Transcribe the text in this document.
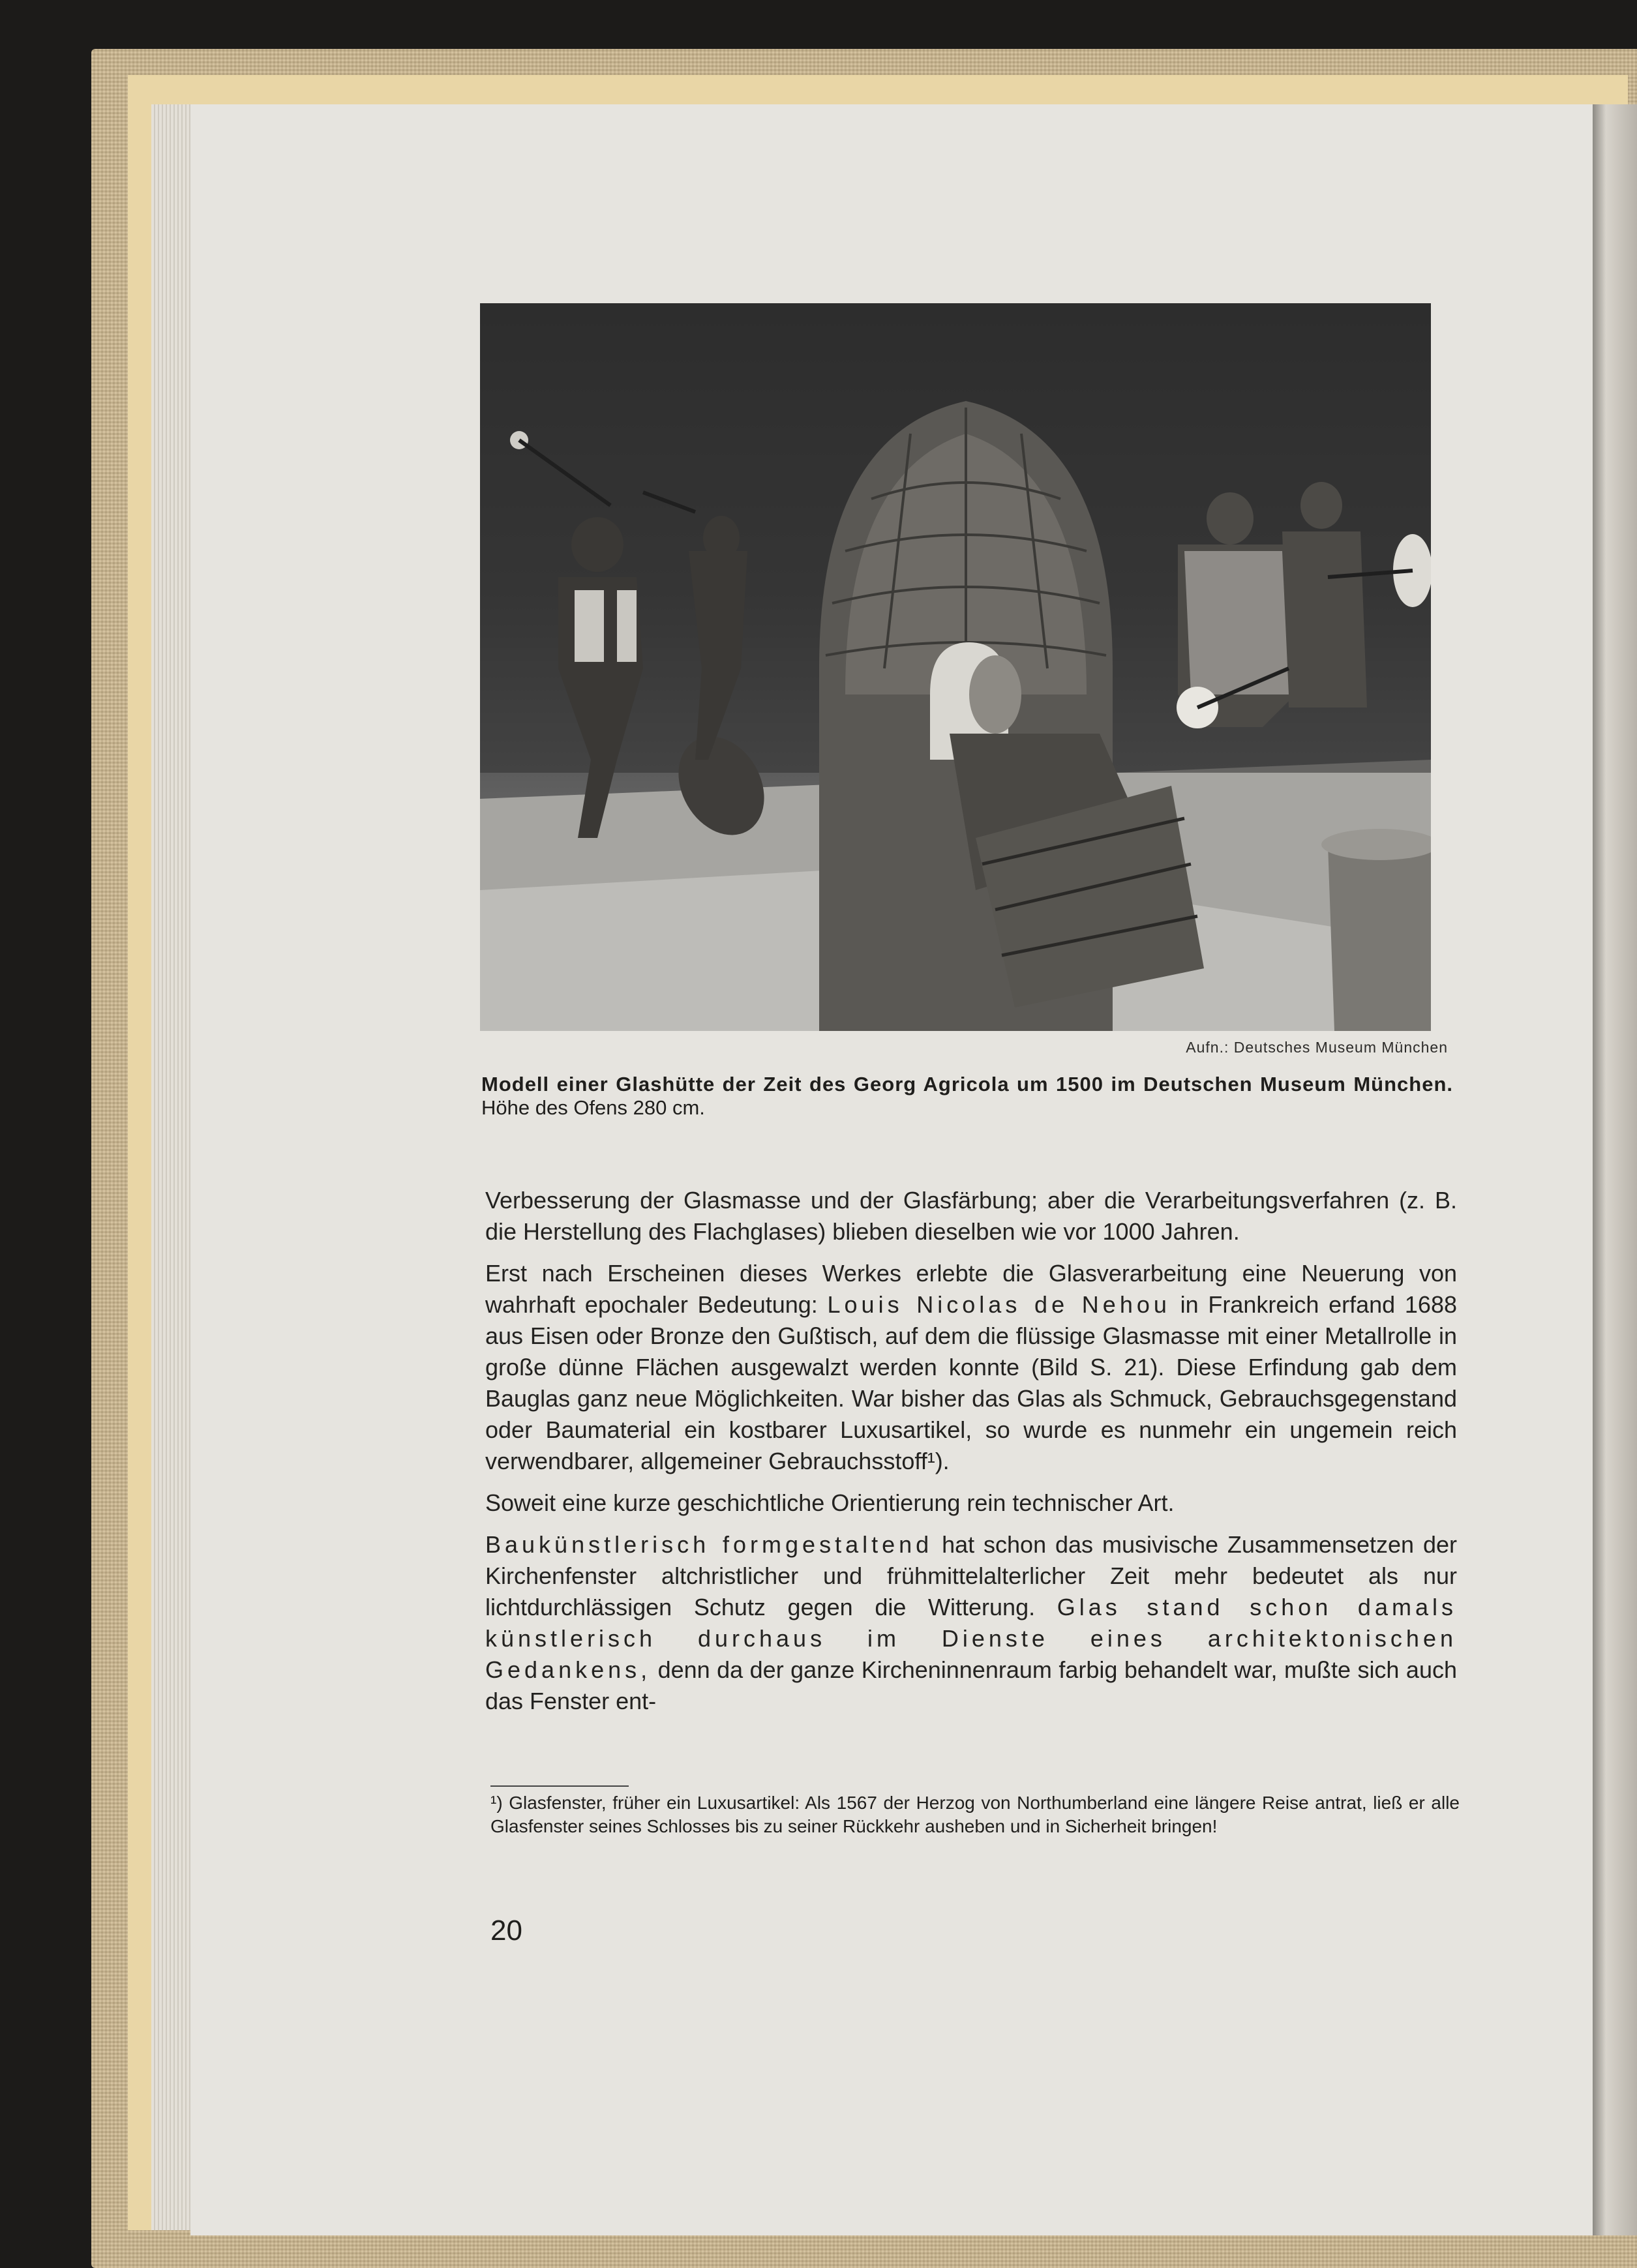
Aufn.: Deutsches Museum München
Modell einer Glashütte der Zeit des Georg Agricola um 1500 im Deutschen Museum München. Höhe des Ofens 280 cm.

Verbesserung der Glasmasse und der Glasfärbung; aber die Verarbeitungsverfahren (z. B. die Herstellung des Flachglases) blieben dieselben wie vor 1000 Jahren.

Erst nach Erscheinen dieses Werkes erlebte die Glasverarbeitung eine Neuerung von wahrhaft epochaler Bedeutung: Louis Nicolas de Nehou in Frankreich erfand 1688 aus Eisen oder Bronze den Gußtisch, auf dem die flüssige Glasmasse mit einer Metallrolle in große dünne Flächen ausgewalzt werden konnte (Bild S. 21). Diese Erfindung gab dem Bauglas ganz neue Möglichkeiten. War bisher das Glas als Schmuck, Gebrauchsgegenstand oder Baumaterial ein kostbarer Luxusartikel, so wurde es nunmehr ein ungemein reich verwendbarer, allgemeiner Gebrauchsstoff¹).

Soweit eine kurze geschichtliche Orientierung rein technischer Art.

Baukünstlerisch formgestaltend hat schon das musivische Zusammensetzen der Kirchenfenster altchristlicher und frühmittelalterlicher Zeit mehr bedeutet als nur lichtdurchlässigen Schutz gegen die Witterung. Glas stand schon damals künstlerisch durchaus im Dienste eines architektonischen Gedankens, denn da der ganze Kircheninnenraum farbig behandelt war, mußte sich auch das Fenster ent-

¹) Glasfenster, früher ein Luxusartikel: Als 1567 der Herzog von Northumberland eine längere Reise antrat, ließ er alle Glasfenster seines Schlosses bis zu seiner Rückkehr ausheben und in Sicherheit bringen!
20
